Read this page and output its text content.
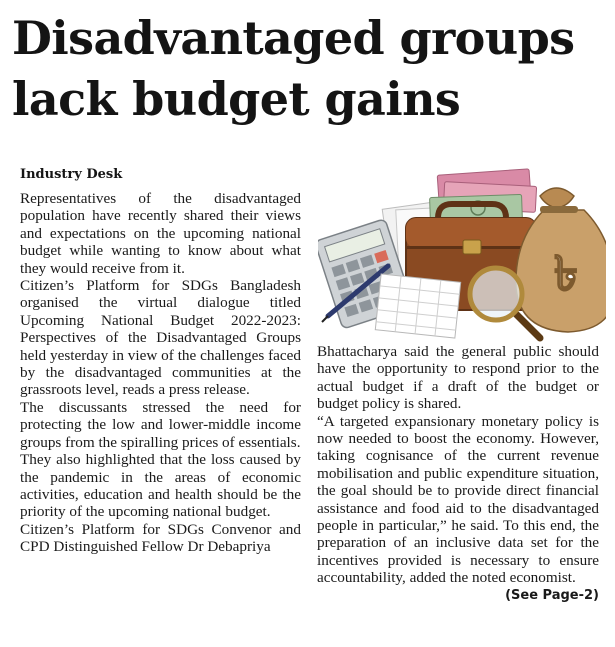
Disadvantaged groups lack budget gains
Industry Desk

Representatives of the disadvantaged population have recently shared their views and expectations on the upcoming national budget while wanting to know about what they would receive from it.

Citizen’s Platform for SDGs Bangladesh organised the virtual dialogue titled Upcoming National Budget 2022-2023: Perspectives of the Disadvantaged Groups held yesterday in view of the challenges faced by the disadvantaged communities at the grassroots level, reads a press release.

The discussants stressed the need for protecting the low and lower-middle income groups from the spiralling prices of essentials.

They also highlighted that the loss caused by the pandemic in the areas of economic activities, education and health should be the priority of the upcoming national budget.

Citizen’s Platform for SDGs Convenor and CPD Distinguished Fellow Dr Debapriya

৳

Bhattacharya said the general public should have the opportunity to respond prior to the actual budget if a draft of the budget or budget policy is shared.

“A targeted expansionary monetary policy is now needed to boost the economy. However, taking cognisance of the current revenue mobilisation and public expenditure situation, the goal should be to provide direct financial assistance and food aid to the disadvantaged people in particular,” he said. To this end, the preparation of an inclusive data set for the incentives provided is necessary to ensure accountability, added the noted economist.
(See Page-2)
